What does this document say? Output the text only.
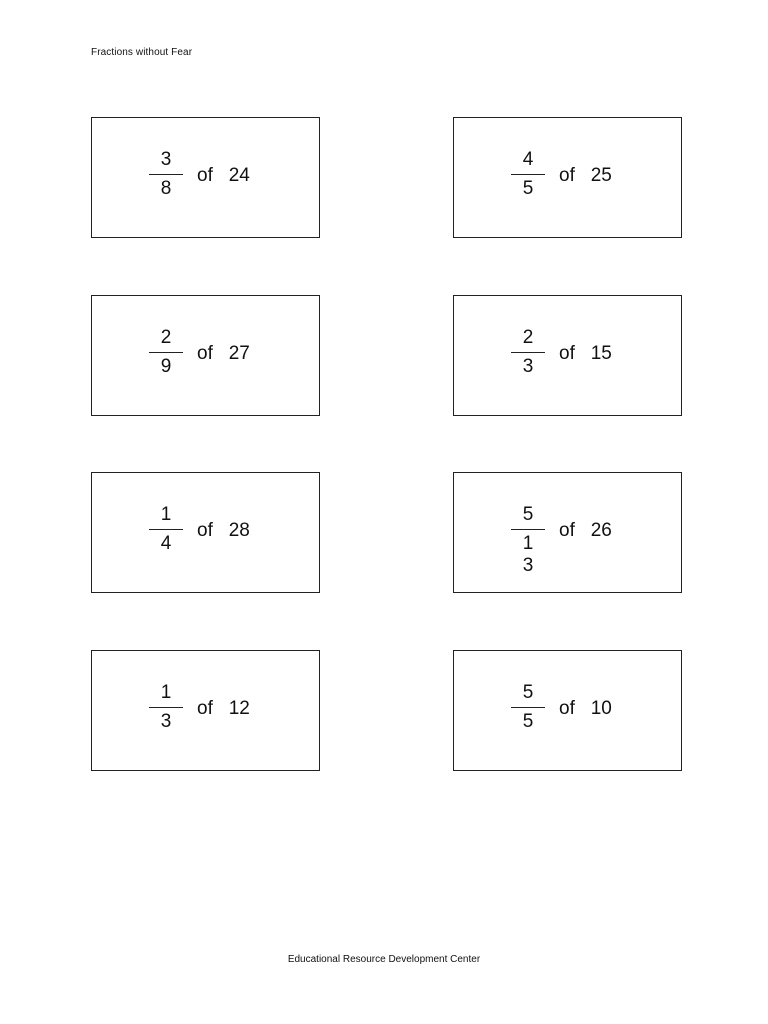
Fractions without Fear
3
8
of 24
4
5
of 25
2
9
of 27
2
3
of 15
1
4
of 28
5
1
3
of 26
1
3
of 12
5
5
of 10
Educational Resource Development Center
